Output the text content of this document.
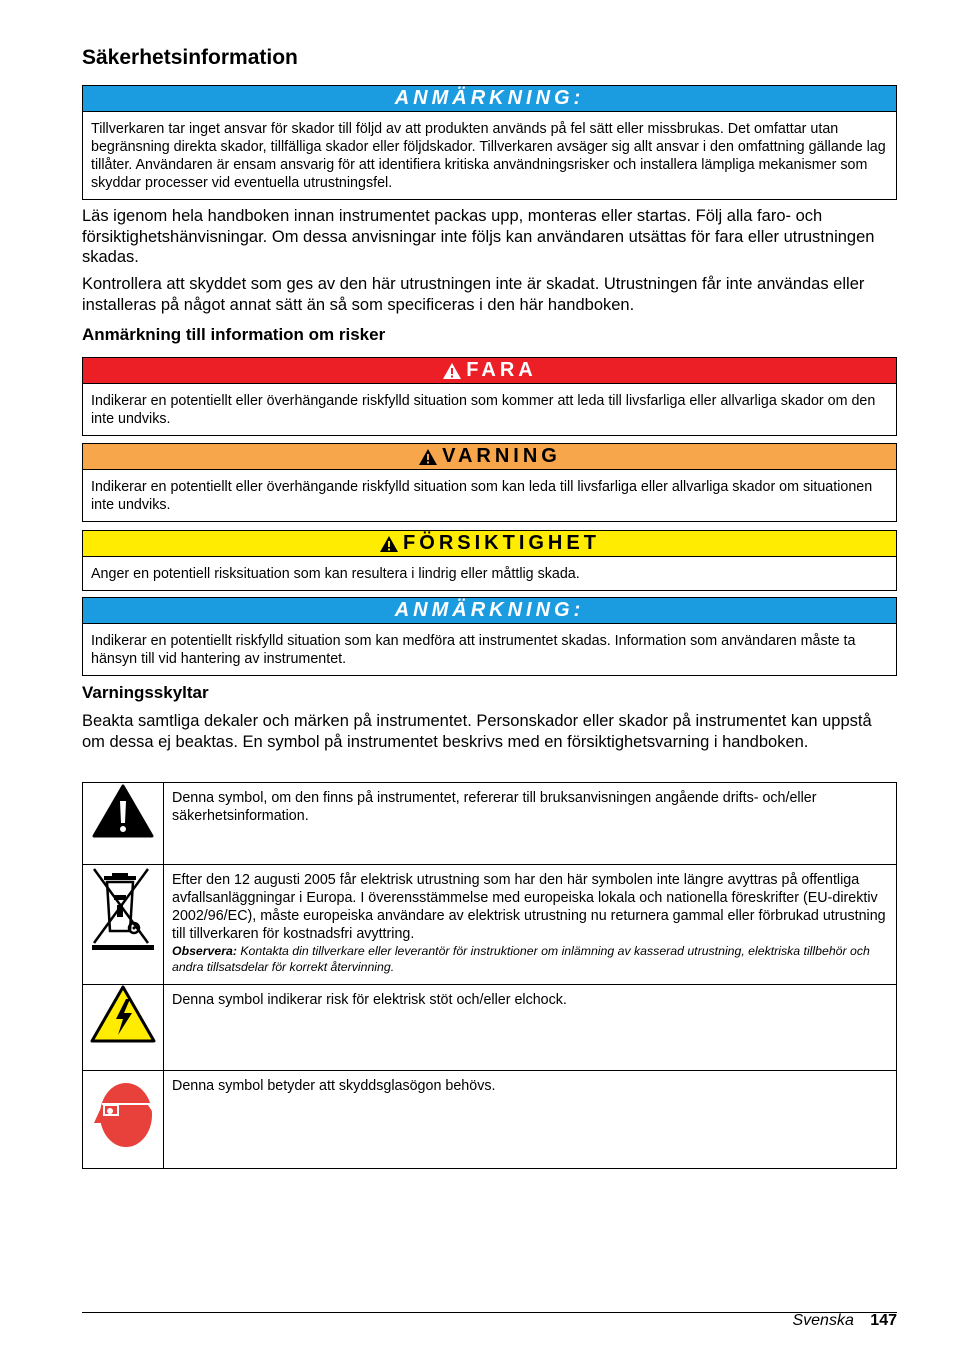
Säkerhetsinformation
ANMÄRKNING:
Tillverkaren tar inget ansvar för skador till följd av att produkten används på fel sätt eller missbrukas. Det omfattar utan begränsning direkta skador, tillfälliga skador eller följdskador. Tillverkaren avsäger sig allt ansvar i den omfattning gällande lag tillåter. Användaren är ensam ansvarig för att identifiera kritiska användningsrisker och installera lämpliga mekanismer som skyddar processer vid eventuella utrustningsfel.

Läs igenom hela handboken innan instrumentet packas upp, monteras eller startas. Följ alla faro- och försiktighetshänvisningar. Om dessa anvisningar inte följs kan användaren utsättas för fara eller utrustningen skadas.

Kontrollera att skyddet som ges av den här utrustningen inte är skadat. Utrustningen får inte användas eller installeras på något annat sätt än så som specificeras i den här handboken.

Anmärkning till information om risker
FARA
Indikerar en potentiellt eller överhängande riskfylld situation som kommer att leda till livsfarliga eller allvarliga skador om den inte undviks.
VARNING
Indikerar en potentiellt eller överhängande riskfylld situation som kan leda till livsfarliga eller allvarliga skador om situationen inte undviks.
FÖRSIKTIGHET
Anger en potentiell risksituation som kan resultera i lindrig eller måttlig skada.
ANMÄRKNING:
Indikerar en potentiellt riskfylld situation som kan medföra att instrumentet skadas. Information som användaren måste ta hänsyn till vid hantering av instrumentet.
Varningsskyltar

Beakta samtliga dekaler och märken på instrumentet. Personskador eller skador på instrumentet kan uppstå om dessa ej beaktas. En symbol på instrumentet beskrivs med en försiktighetsvarning i handboken.

	Denna symbol, om den finns på instrumentet, refererar till bruksanvisningen angående drifts- och/eller säkerhetsinformation.

Efter den 12 augusti 2005 får elektrisk utrustning som har den här symbolen inte längre avyttras på offentliga avfallsanläggningar i Europa. I överensstämmelse med europeiska lokala och nationella föreskrifter (EU-direktiv 2002/96/EC), måste europeiska användare av elektrisk utrustning nu returnera gammal eller förbrukad utrustning till tillverkaren för kostnadsfri avyttring.
Observera: Kontakta din tillverkare eller leverantör för instruktioner om inlämning av kasserad utrustning, elektriska tillbehör och andra tillsatsdelar för korrekt återvinning.

	Denna symbol indikerar risk för elektrisk stöt och/eller elchock.
	Denna symbol betyder att skyddsglasögon behövs.
Svenska 147
